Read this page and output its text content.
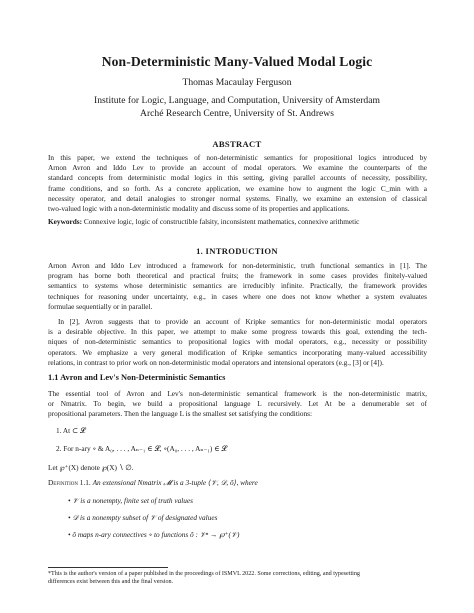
Non-Deterministic Many-Valued Modal Logic
Thomas Macaulay Ferguson
Institute for Logic, Language, and Computation, University of Amsterdam
Arché Research Centre, University of St. Andrews
ABSTRACT
In this paper, we extend the techniques of non-deterministic semantics for propositional logics introduced by
Arnon Avron and Iddo Lev to provide an account of modal operators. We examine the counterparts of the
standard concepts from deterministic modal logics in this setting, giving parallel accounts of necessity, possibility,
frame conditions, and so forth. As a concrete application, we examine how to augment the logic C_min with a
necessity operator, and detail analogies to stronger normal systems. Finally, we examine an extension of classical
two-valued logic with a non-deterministic modality and discuss some of its properties and applications.
Keywords: Connexive logic, logic of constructible falsity, inconsistent mathematics, connexive arithmetic
1. INTRODUCTION
Arnon Avron and Iddo Lev introduced a framework for non-deterministic, truth functional semantics in [1]. The
program has borne both theoretical and practical fruits; the framework in some cases provides finitely-valued
semantics to systems whose deterministic semantics are irreducibly infinite. Practically, the framework provides
techniques for reasoning under uncertainty, e.g., in cases where one does not know whether a system evaluates
formulae sequentially or in parallel.
In [2], Avron suggests that to provide an account of Kripke semantics for non-deterministic modal operators
is a desirable objective. In this paper, we attempt to make some progress towards this goal, extending the tech-
niques of non-deterministic semantics to propositional logics with modal operators, e.g., necessity or possibility
operators. We emphasize a very general modification of Kripke semantics incorporating many-valued accessibility
relations, in contrast to prior work on non-deterministic modal operators and intensional operators (e.g., [3] or [4]).
1.1 Avron and Lev's Non-Deterministic Semantics
The essential tool of Avron and Lev's non-deterministic semantical framework is the non-deterministic matrix,
or Nmatrix. To begin, we build a propositional language L recursively. Let At be a denumerable set of
propositional parameters. Then the language L is the smallest set satisfying the conditions:
1. At ⊂ 𝓛
2. For n-ary ∘ & A₀, . . . , Aₙ₋₁ ∈ 𝓛, ∘(A₀, . . . , Aₙ₋₁) ∈ 𝓛
Let ℘⁺(X) denote ℘(X) ∖ ∅.
Definition 1.1. An extensional Nmatrix 𝓜 is a 3-tuple ⟨𝒱, 𝒟, õ⟩, where
• 𝒱 is a nonempty, finite set of truth values
• 𝒟 is a nonempty subset of 𝒱 of designated values
• õ maps n-ary connectives ∘ to functions õ : 𝒱ⁿ → ℘⁺(𝒱)
*This is the author's version of a paper published in the proceedings of ISMVL 2022. Some corrections, editing, and typesetting
differences exist between this and the final version.
